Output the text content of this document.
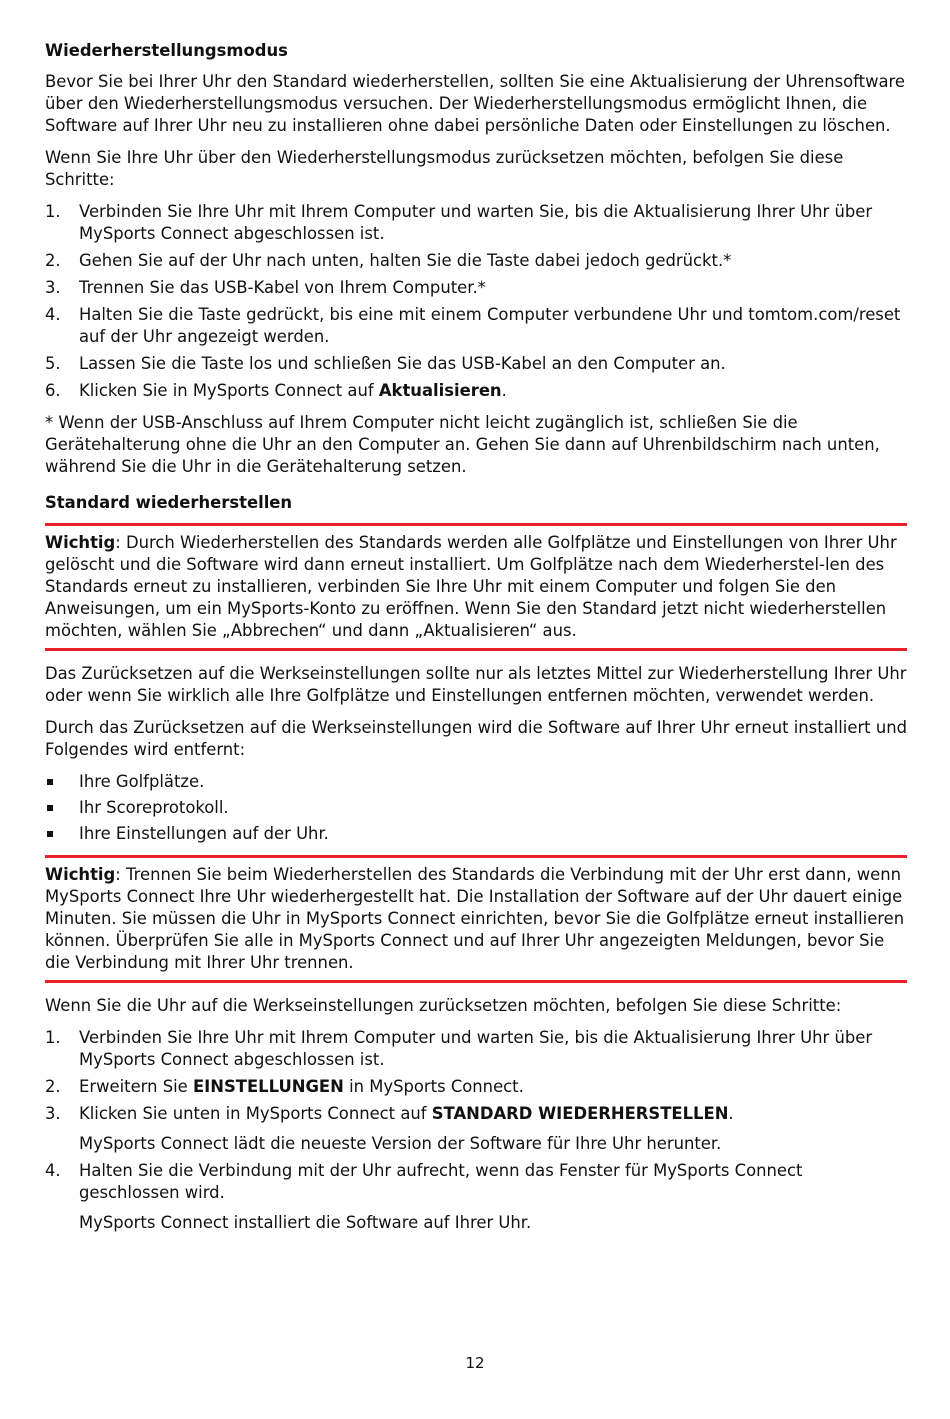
Wiederherstellungsmodus

Bevor Sie bei Ihrer Uhr den Standard wiederherstellen, sollten Sie eine Aktualisierung der Uhrensoftware über den Wiederherstellungsmodus versuchen. Der Wiederherstellungsmodus ermöglicht Ihnen, die Software auf Ihrer Uhr neu zu installieren ohne dabei persönliche Daten oder Einstellungen zu löschen.

Wenn Sie Ihre Uhr über den Wiederherstellungsmodus zurücksetzen möchten, befolgen Sie diese Schritte:

1. Verbinden Sie Ihre Uhr mit Ihrem Computer und warten Sie, bis die Aktualisierung Ihrer Uhr über MySports Connect abgeschlossen ist.
2. Gehen Sie auf der Uhr nach unten, halten Sie die Taste dabei jedoch gedrückt.*
3. Trennen Sie das USB-Kabel von Ihrem Computer.*
4. Halten Sie die Taste gedrückt, bis eine mit einem Computer verbundene Uhr und tomtom.com/reset auf der Uhr angezeigt werden.
5. Lassen Sie die Taste los und schließen Sie das USB-Kabel an den Computer an.
6. Klicken Sie in MySports Connect auf Aktualisieren.

* Wenn der USB-Anschluss auf Ihrem Computer nicht leicht zugänglich ist, schließen Sie die Gerätehalterung ohne die Uhr an den Computer an. Gehen Sie dann auf Uhrenbildschirm nach unten, während Sie die Uhr in die Gerätehalterung setzen.

Standard wiederherstellen

Wichtig: Durch Wiederherstellen des Standards werden alle Golfplätze und Einstellungen von Ihrer Uhr gelöscht und die Software wird dann erneut installiert. Um Golfplätze nach dem Wiederherstel-len des Standards erneut zu installieren, verbinden Sie Ihre Uhr mit einem Computer und folgen Sie den Anweisungen, um ein MySports-Konto zu eröffnen. Wenn Sie den Standard jetzt nicht wiederherstellen möchten, wählen Sie „Abbrechen“ und dann „Aktualisieren“ aus.

Das Zurücksetzen auf die Werkseinstellungen sollte nur als letztes Mittel zur Wiederherstellung Ihrer Uhr oder wenn Sie wirklich alle Ihre Golfplätze und Einstellungen entfernen möchten, verwendet werden.

Durch das Zurücksetzen auf die Werkseinstellungen wird die Software auf Ihrer Uhr erneut installiert und Folgendes wird entfernt:

Ihre Golfplätze.
Ihr Scoreprotokoll.
Ihre Einstellungen auf der Uhr.

Wichtig: Trennen Sie beim Wiederherstellen des Standards die Verbindung mit der Uhr erst dann, wenn MySports Connect Ihre Uhr wiederhergestellt hat. Die Installation der Software auf der Uhr dauert einige Minuten. Sie müssen die Uhr in MySports Connect einrichten, bevor Sie die Golfplätze erneut installieren können. Überprüfen Sie alle in MySports Connect und auf Ihrer Uhr angezeigten Meldungen, bevor Sie die Verbindung mit Ihrer Uhr trennen.

Wenn Sie die Uhr auf die Werkseinstellungen zurücksetzen möchten, befolgen Sie diese Schritte:

1. Verbinden Sie Ihre Uhr mit Ihrem Computer und warten Sie, bis die Aktualisierung Ihrer Uhr über MySports Connect abgeschlossen ist.
2. Erweitern Sie EINSTELLUNGEN in MySports Connect.
3. Klicken Sie unten in MySports Connect auf STANDARD WIEDERHERSTELLEN.
MySports Connect lädt die neueste Version der Software für Ihre Uhr herunter.
4. Halten Sie die Verbindung mit der Uhr aufrecht, wenn das Fenster für MySports Connect geschlossen wird.
MySports Connect installiert die Software auf Ihrer Uhr.
12
